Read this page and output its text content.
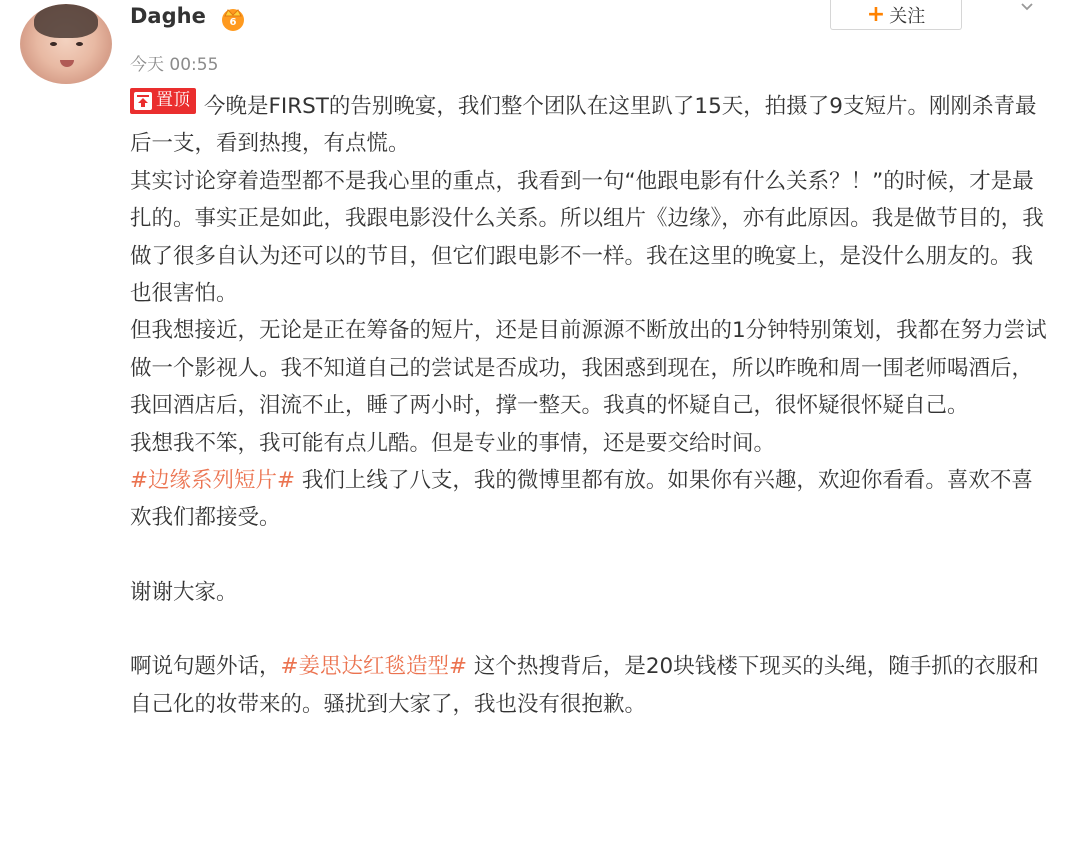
Daghe 6
今天 00:55
+ 关注

置顶 今晚是FIRST的告别晚宴，我们整个团队在这里趴了15天，拍摄了9支短片。刚刚杀青最后一支，看到热搜，有点慌。

其实讨论穿着造型都不是我心里的重点，我看到一句“他跟电影有什么关系？！”的时候，才是最扎的。事实正是如此，我跟电影没什么关系。所以组片《边缘》，亦有此原因。我是做节目的，我做了很多自认为还可以的节目，但它们跟电影不一样。我在这里的晚宴上，是没什么朋友的。我也很害怕。

但我想接近，无论是正在筹备的短片，还是目前源源不断放出的1分钟特别策划，我都在努力尝试做一个影视人。我不知道自己的尝试是否成功，我困惑到现在，所以昨晚和周一围老师喝酒后，我回酒店后，泪流不止，睡了两小时，撑一整天。我真的怀疑自己，很怀疑很怀疑自己。

我想我不笨，我可能有点儿酷。但是专业的事情，还是要交给时间。

#边缘系列短片# 我们上线了八支，我的微博里都有放。如果你有兴趣，欢迎你看看。喜欢不喜欢我们都接受。

谢谢大家。

啊说句题外话，#姜思达红毯造型# 这个热搜背后，是20块钱楼下现买的头绳，随手抓的衣服和自己化的妆带来的。骚扰到大家了，我也没有很抱歉。
